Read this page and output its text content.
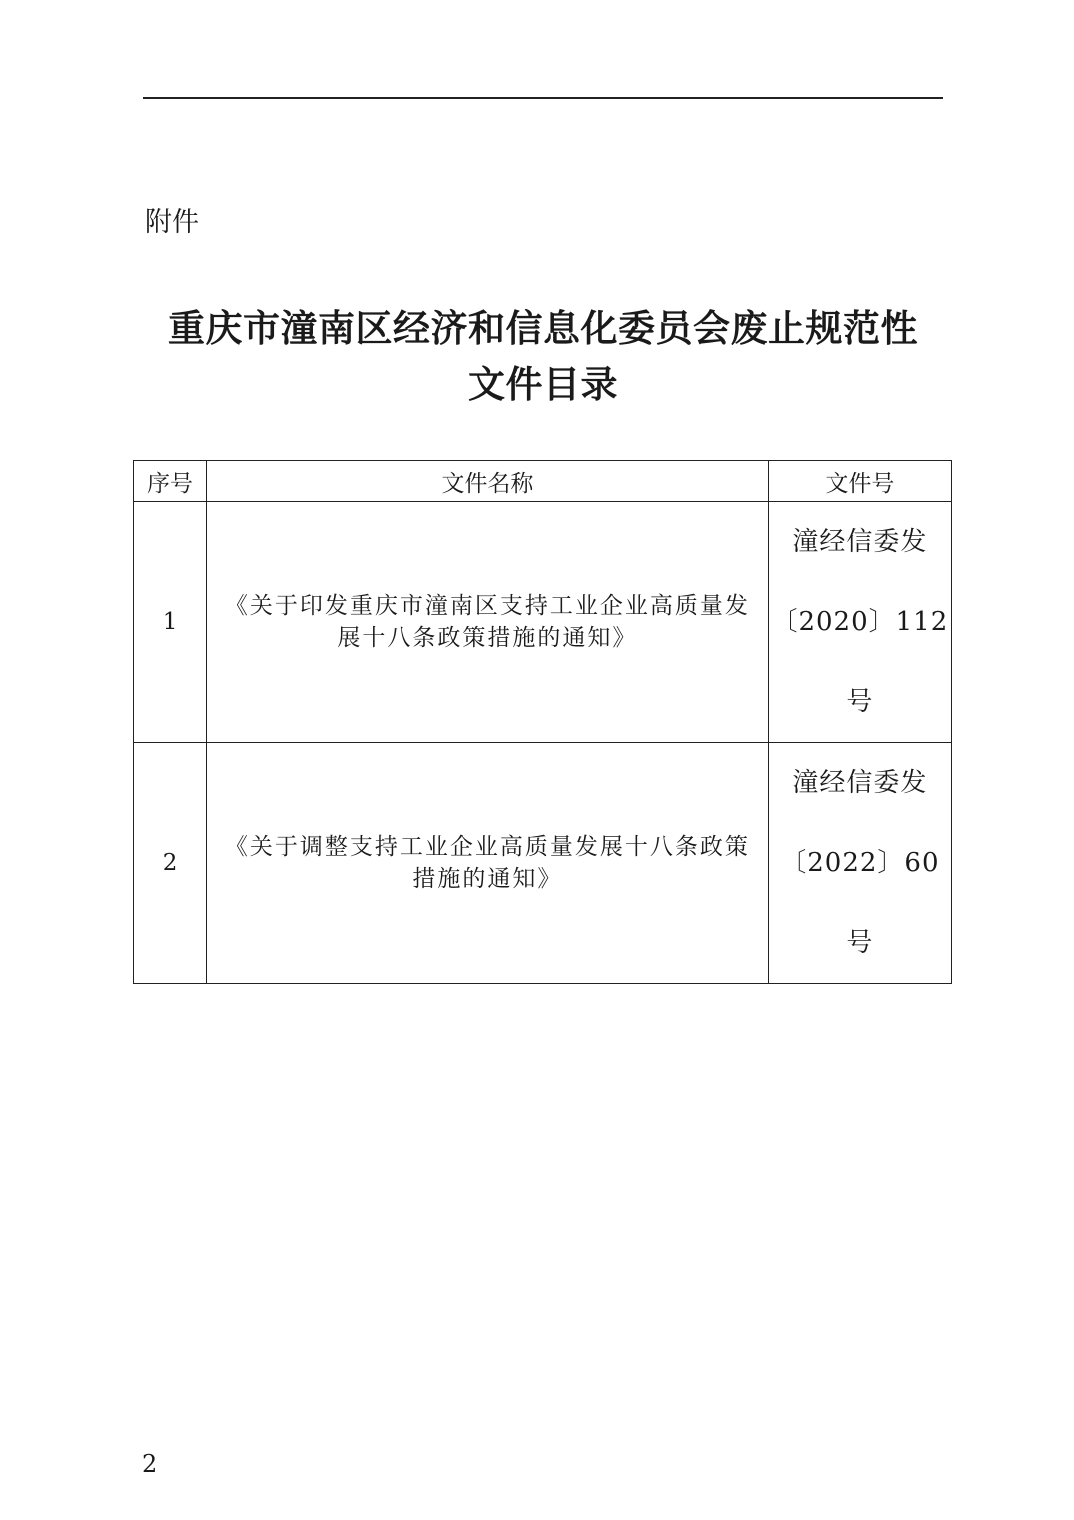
附件
重庆市潼南区经济和信息化委员会废止规范性
文件目录
序号	文件名称	文件号
1	《关于印发重庆市潼南区支持工业企业高质量发展十八条政策措施的通知》	潼经信委发
〔2020〕112
号

2	《关于调整支持工业企业高质量发展十八条政策措施的通知》	潼经信委发
〔2022〕60
号
2
